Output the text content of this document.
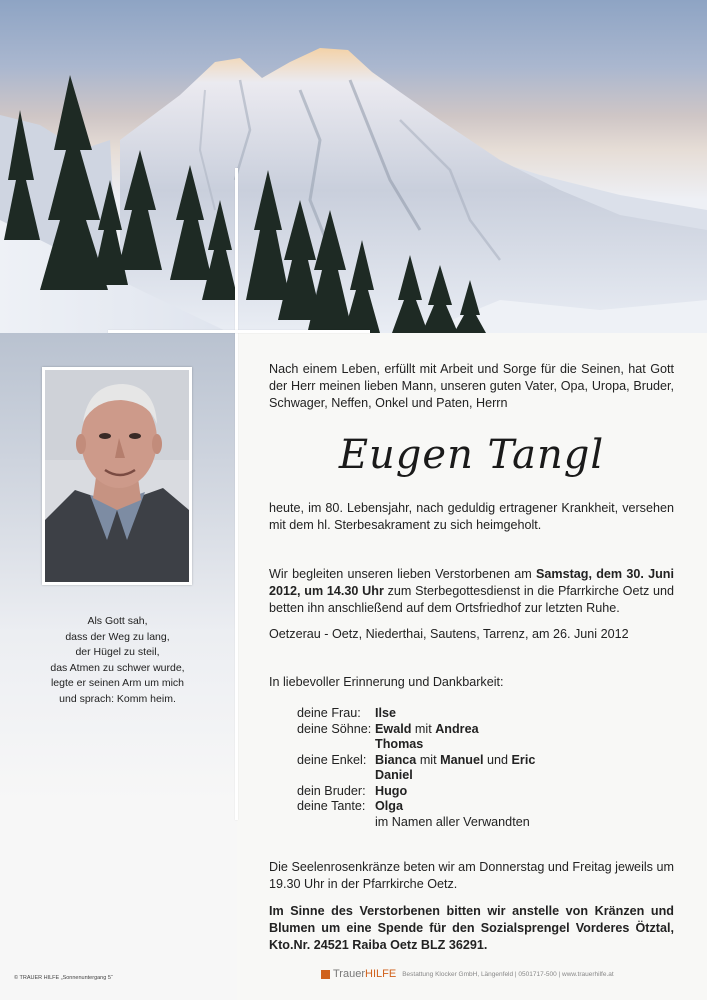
Als Gott sah,
dass der Weg zu lang,
der Hügel zu steil,
das Atmen zu schwer wurde,
legte er seinen Arm um mich
und sprach: Komm heim.
Nach einem Leben, erfüllt mit Arbeit und Sorge für die Seinen, hat Gott der Herr meinen lieben Mann, unseren guten Vater, Opa, Uropa, Bruder, Schwager, Neffen, Onkel und Paten, Herrn
Eugen Tangl
heute, im 80. Lebensjahr, nach geduldig ertragener Krankheit, versehen mit dem hl. Sterbesakrament zu sich heimgeholt.
Wir begleiten unseren lieben Verstorbenen am Samstag, dem 30. Juni 2012, um 14.30 Uhr zum Sterbegottesdienst in die Pfarrkirche Oetz und betten ihn anschließend auf dem Ortsfriedhof zur letzten Ruhe.
Oetzerau - Oetz, Niederthai, Sautens, Tarrenz, am 26. Juni 2012
In liebevoller Erinnerung und Dankbarkeit:
deine Frau:	Ilse
deine Söhne: Ewald mit Andrea
Thomas
deine Enkel: Bianca mit Manuel und Eric
Daniel
dein Bruder: Hugo
deine Tante: Olga
im Namen aller Verwandten
Die Seelenrosenkränze beten wir am Donnerstag und Freitag jeweils um 19.30 Uhr in der Pfarrkirche Oetz.
Im Sinne des Verstorbenen bitten wir anstelle von Kränzen und Blumen um eine Spende für den Sozialsprengel Vorderes Ötztal, Kto.Nr. 24521 Raiba Oetz BLZ 36291.
© TRAUER HILFE „Sonnenuntergang 5“	Trauer HILFE Bestattung Klocker GmbH, Längenfeld | 0501717-500 | www.trauerhilfe.at
